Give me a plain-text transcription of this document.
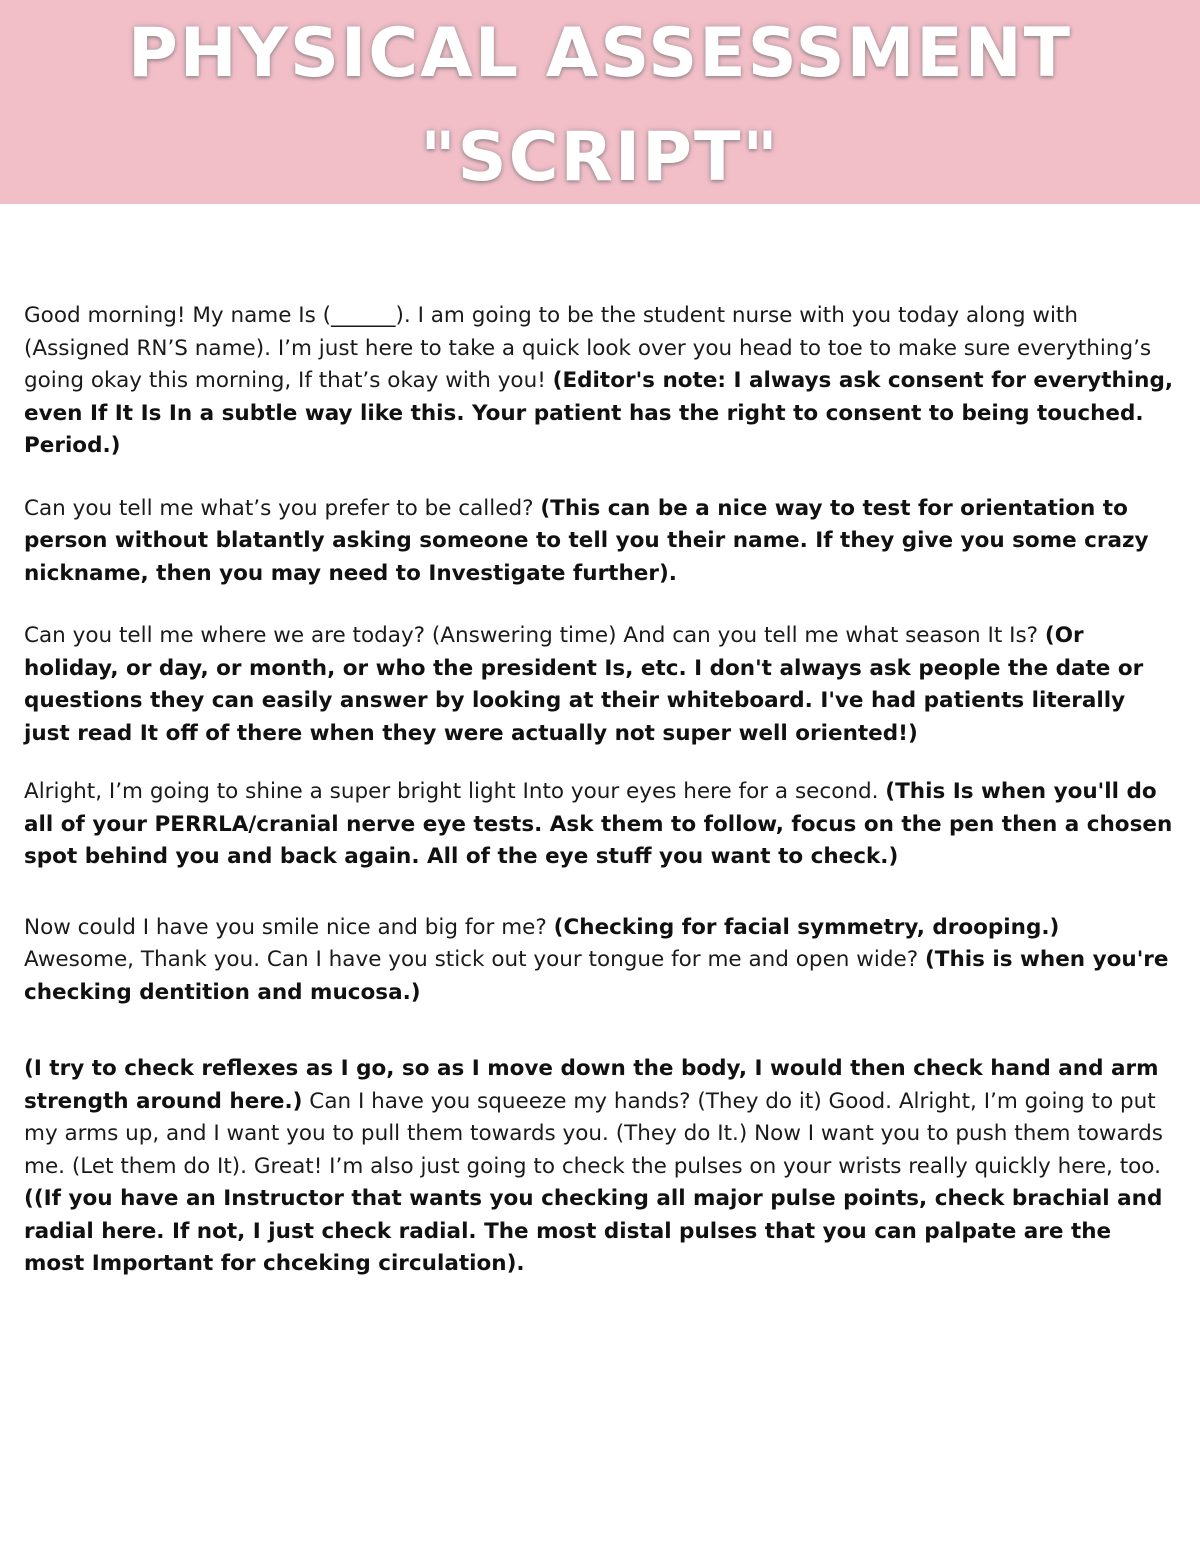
PHYSICAL ASSESSMENT
"SCRIPT"

Good morning! My name Is (______). I am going to be the student nurse with you today along with (Assigned RN’S name). I’m just here to take a quick look over you head to toe to make sure everything’s going okay this morning, If that’s okay with you! (Editor's note: I always ask consent for everything, even If It Is In a subtle way like this. Your patient has the right to consent to being touched. Period.)

Can you tell me what’s you prefer to be called? (This can be a nice way to test for orientation to person without blatantly asking someone to tell you their name. If they give you some crazy nickname, then you may need to Investigate further).

Can you tell me where we are today? (Answering time) And can you tell me what season It Is? (Or holiday, or day, or month, or who the president Is, etc. I don't always ask people the date or questions they can easily answer by looking at their whiteboard. I've had patients literally just read It off of there when they were actually not super well oriented!)

Alright, I’m going to shine a super bright light Into your eyes here for a second. (This Is when you'll do all of your PERRLA/cranial nerve eye tests. Ask them to follow, focus on the pen then a chosen spot behind you and back again. All of the eye stuff you want to check.)

Now could I have you smile nice and big for me? (Checking for facial symmetry, drooping.) Awesome, Thank you. Can I have you stick out your tongue for me and open wide? (This is when you're checking dentition and mucosa.)

(I try to check reflexes as I go, so as I move down the body, I would then check hand and arm strength around here.) Can I have you squeeze my hands? (They do it) Good. Alright, I’m going to put my arms up, and I want you to pull them towards you. (They do It.) Now I want you to push them towards me. (Let them do It). Great! I’m also just going to check the pulses on your wrists really quickly here, too. ((If you have an Instructor that wants you checking all major pulse points, check brachial and radial here. If not, I just check radial. The most distal pulses that you can palpate are the most Important for chceking circulation).
